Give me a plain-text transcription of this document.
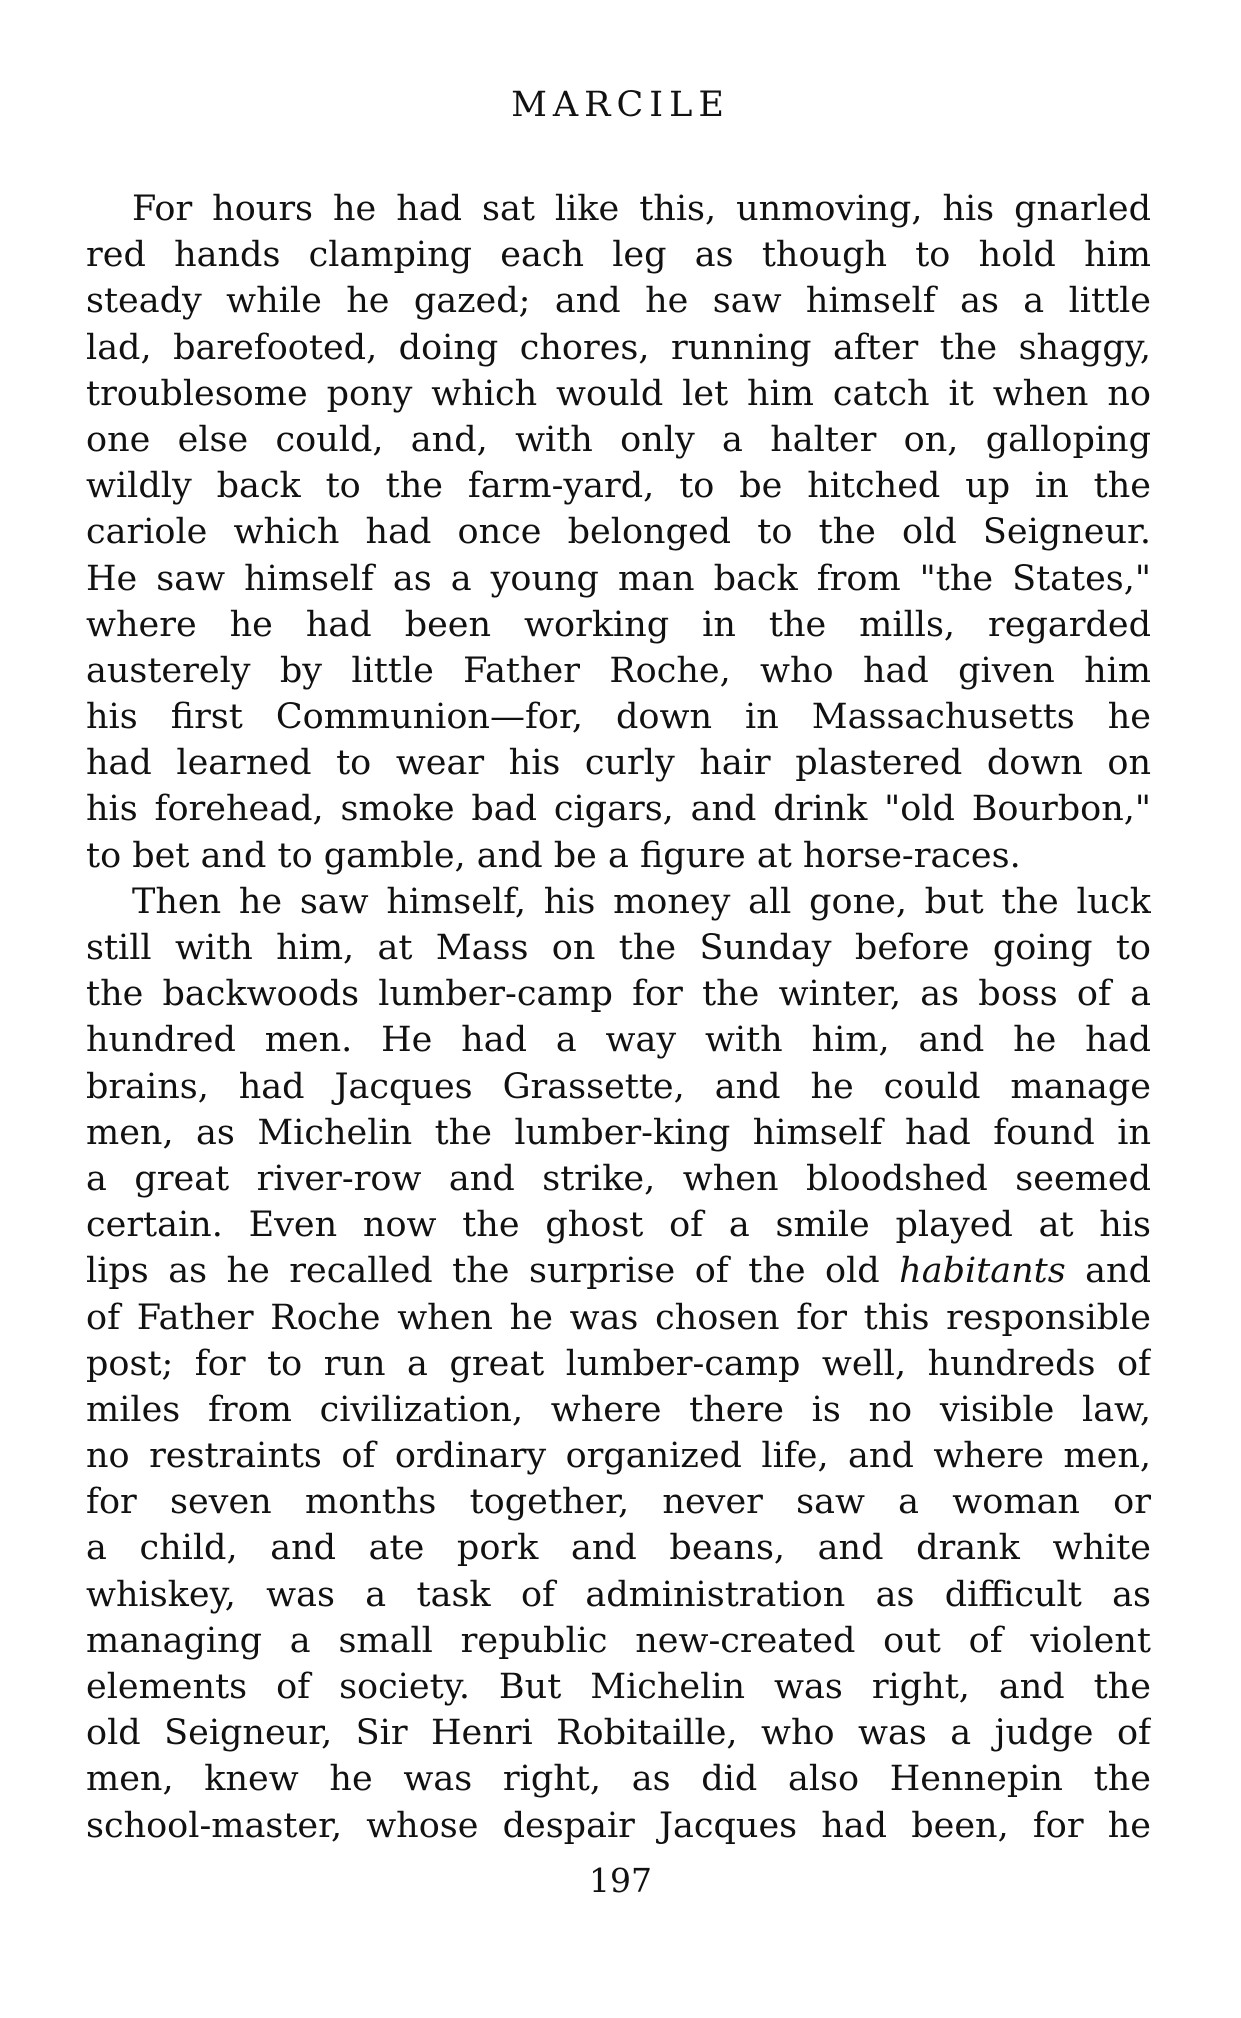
MARCILE
For hours he had sat like this, unmoving, his gnarled
red hands clamping each leg as though to hold him
steady while he gazed; and he saw himself as a little
lad, barefooted, doing chores, running after the shaggy,
troublesome pony which would let him catch it when no
one else could, and, with only a halter on, galloping
wildly back to the farm-yard, to be hitched up in the
cariole which had once belonged to the old Seigneur.
He saw himself as a young man back from "the States,"
where he had been working in the mills, regarded
austerely by little Father Roche, who had given him
his first Communion—for, down in Massachusetts he
had learned to wear his curly hair plastered down on
his forehead, smoke bad cigars, and drink "old Bourbon,"
to bet and to gamble, and be a figure at horse-races.
Then he saw himself, his money all gone, but the luck
still with him, at Mass on the Sunday before going to
the backwoods lumber-camp for the winter, as boss of a
hundred men. He had a way with him, and he had
brains, had Jacques Grassette, and he could manage
men, as Michelin the lumber-king himself had found in
a great river-row and strike, when bloodshed seemed
certain. Even now the ghost of a smile played at his
lips as he recalled the surprise of the old habitants and
of Father Roche when he was chosen for this responsible
post; for to run a great lumber-camp well, hundreds of
miles from civilization, where there is no visible law,
no restraints of ordinary organized life, and where men,
for seven months together, never saw a woman or
a child, and ate pork and beans, and drank white
whiskey, was a task of administration as difficult as
managing a small republic new-created out of violent
elements of society. But Michelin was right, and the
old Seigneur, Sir Henri Robitaille, who was a judge of
men, knew he was right, as did also Hennepin the
school-master, whose despair Jacques had been, for he
197
